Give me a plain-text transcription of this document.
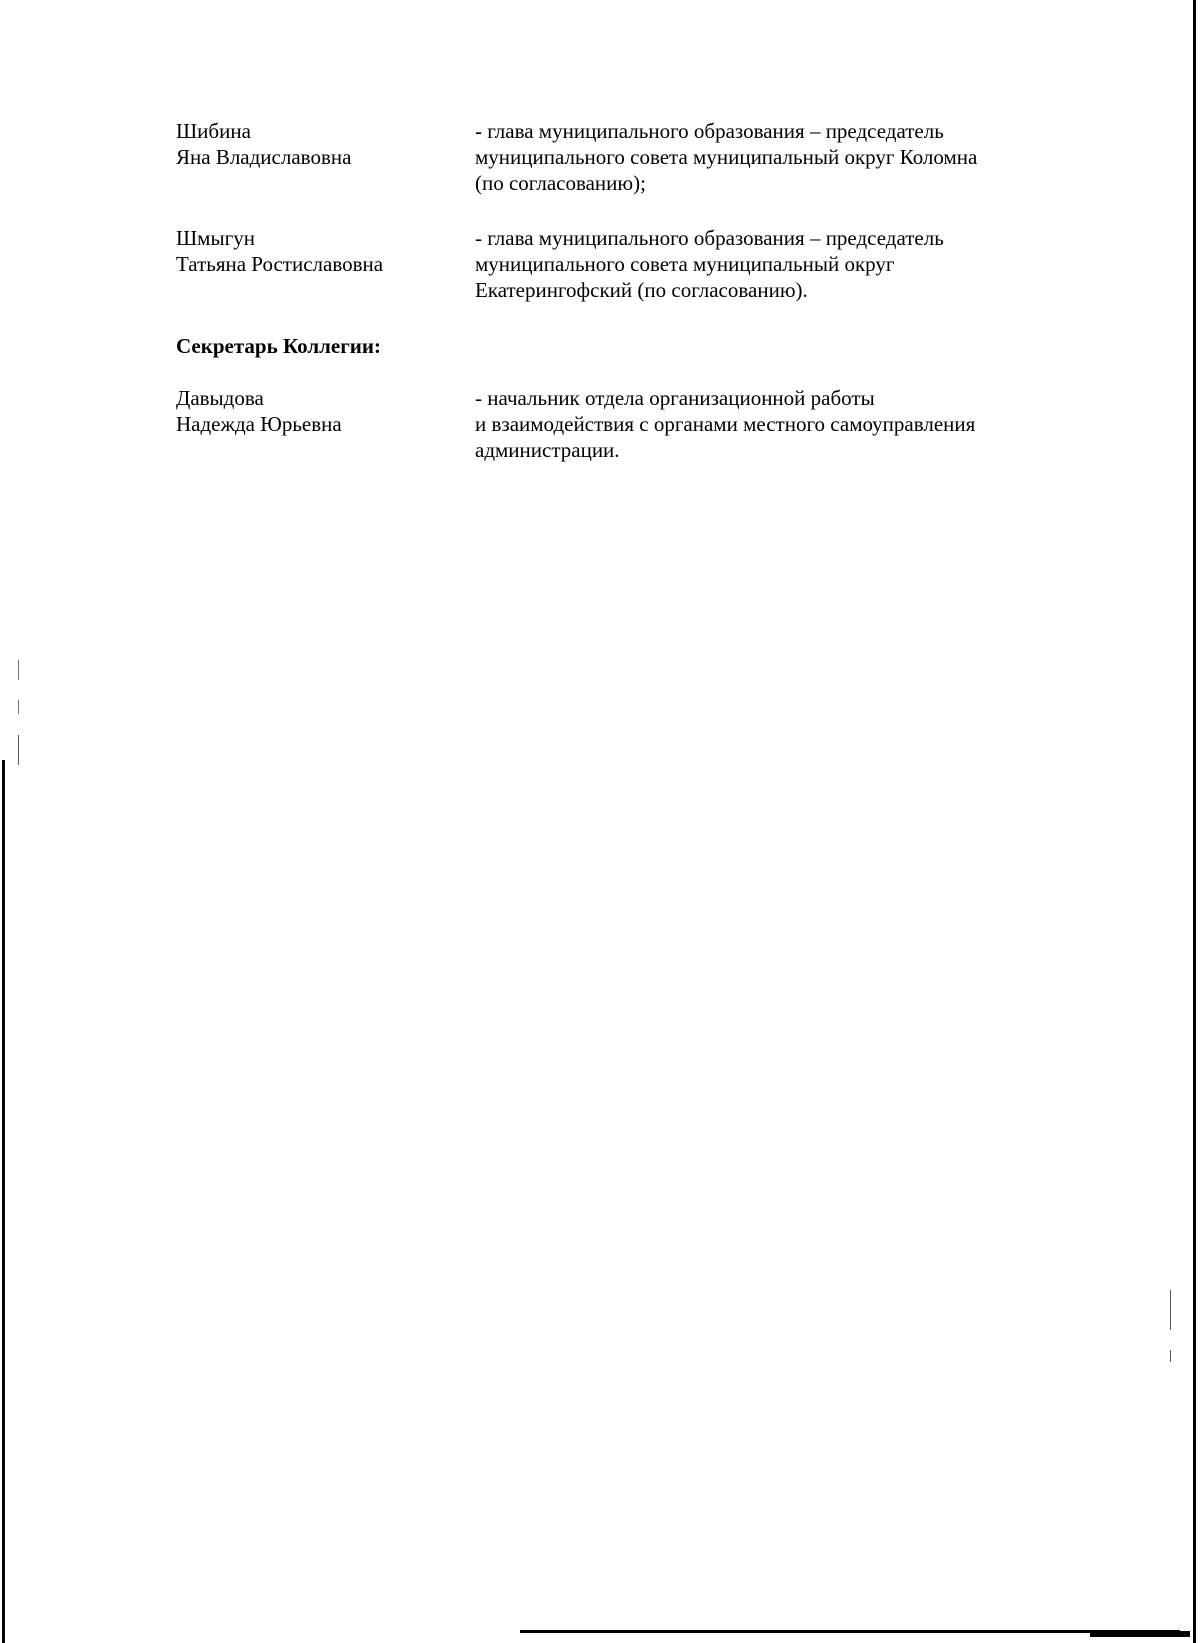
Шибина
Яна Владиславовна
- глава муниципального образования – председатель
муниципального совета муниципальный округ Коломна
(по согласованию);
Шмыгун
Татьяна Ростиславовна
- глава муниципального образования – председатель
муниципального совета муниципальный округ
Екатерингофский (по согласованию).
Секретарь Коллегии:
Давыдова
Надежда Юрьевна
- начальник отдела организационной работы
и взаимодействия с органами местного самоуправления
администрации.
